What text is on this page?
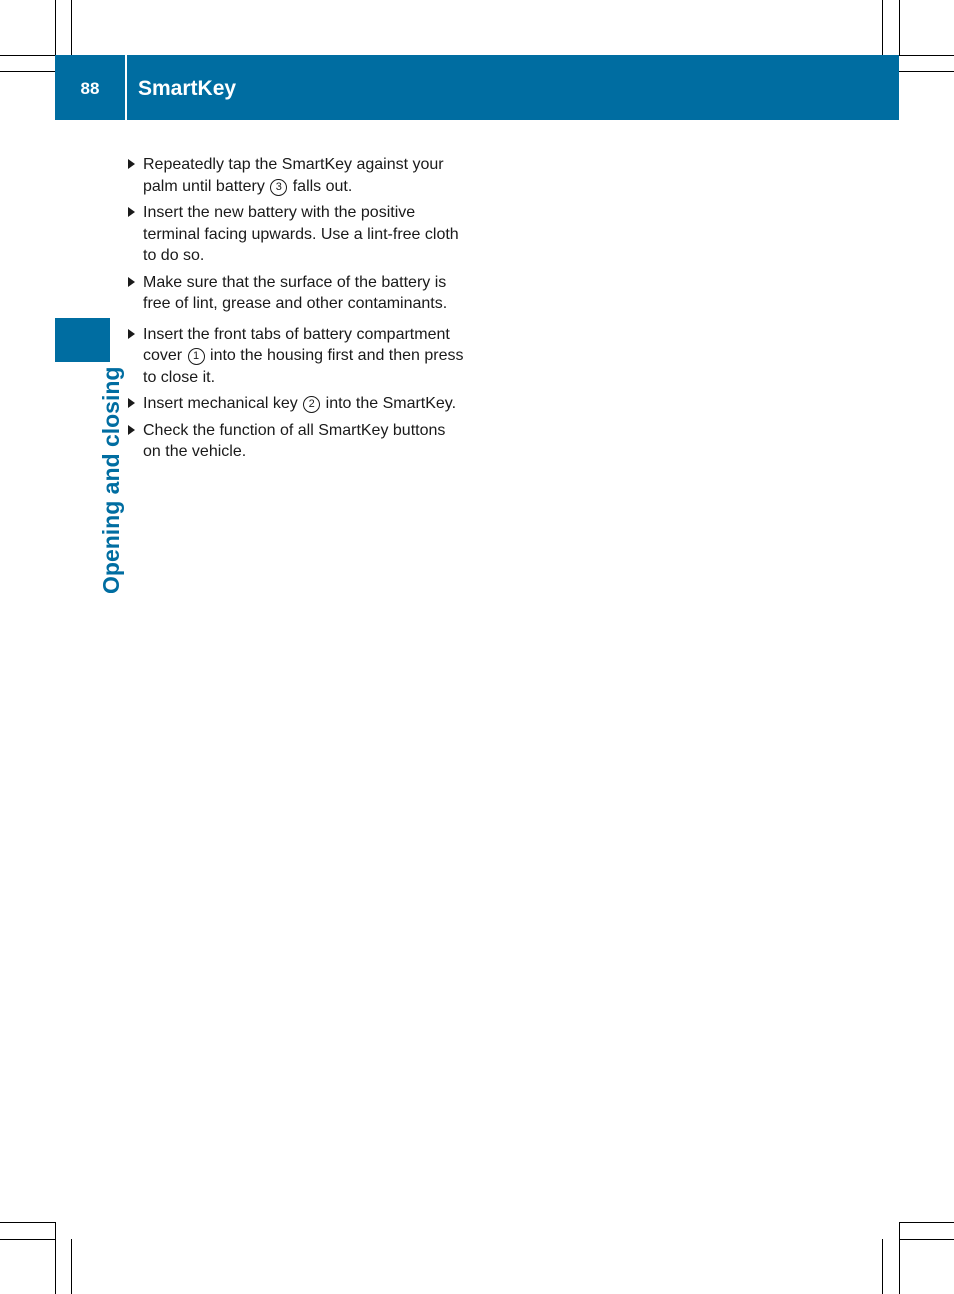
88	SmartKey
Opening and closing
Repeatedly tap the SmartKey against your palm until battery 3 falls out.
Insert the new battery with the positive terminal facing upwards. Use a lint-free cloth to do so.
Make sure that the surface of the battery is free of lint, grease and other contaminants.
Insert the front tabs of battery compartment cover 1 into the housing first and then press to close it.
Insert mechanical key 2 into the SmartKey.
Check the function of all SmartKey buttons on the vehicle.
